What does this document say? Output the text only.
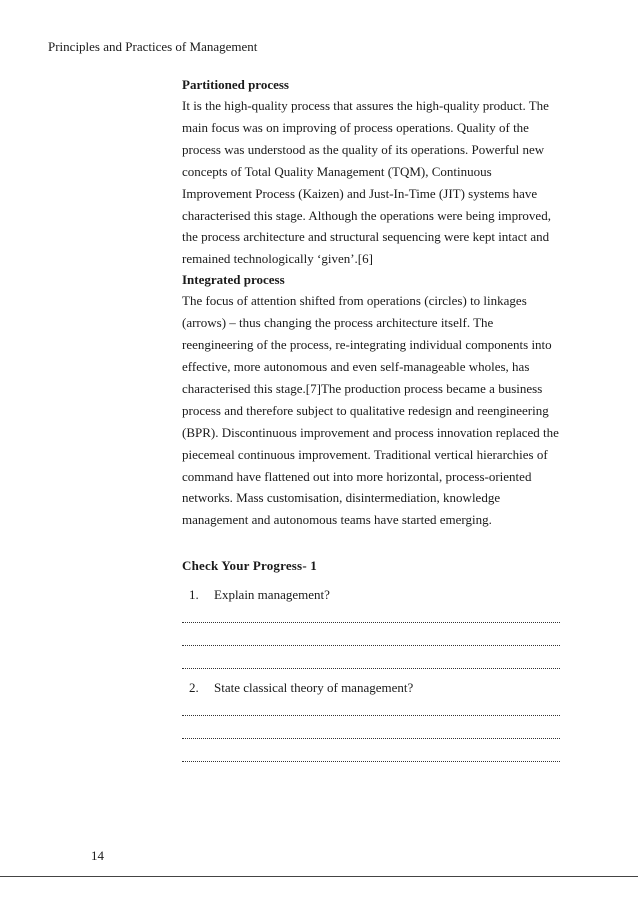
Principles and Practices of Management

Partitioned process

It is the high-quality process that assures the high-quality product. The
main focus was on improving of process operations. Quality of the
process was understood as the quality of its operations. Powerful new
concepts of Total Quality Management (TQM), Continuous
Improvement Process (Kaizen) and Just-In-Time (JIT) systems have
characterised this stage. Although the operations were being improved,
the process architecture and structural sequencing were kept intact and
remained technologically ‘given’.[6]

Integrated process

The focus of attention shifted from operations (circles) to linkages
(arrows) – thus changing the process architecture itself. The
reengineering of the process, re-integrating individual components into
effective, more autonomous and even self-manageable wholes, has
characterised this stage.[7]The production process became a business
process and therefore subject to qualitative redesign and reengineering
(BPR). Discontinuous improvement and process innovation replaced the
piecemeal continuous improvement. Traditional vertical hierarchies of
command have flattened out into more horizontal, process-oriented
networks. Mass customisation, disintermediation, knowledge
management and autonomous teams have started emerging.
Check Your Progress- 1
1. Explain management?
2. State classical theory of management?
14
